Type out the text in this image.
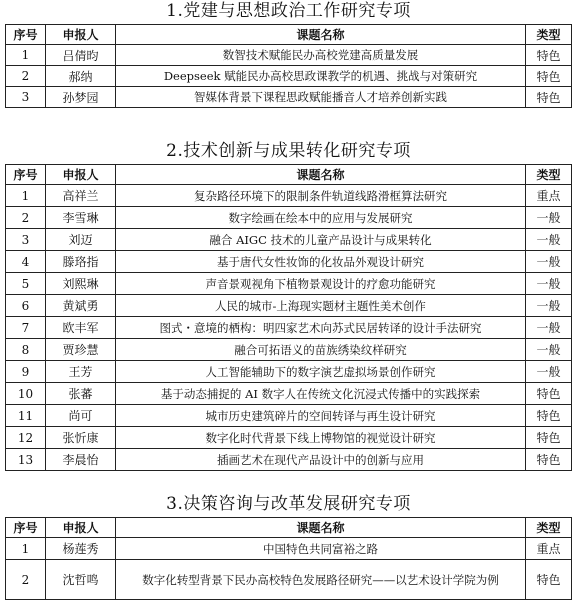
1.党建与思想政治工作研究专项
序号	申报人	课题名称	类型
1	吕倩昀	数智技术赋能民办高校党建高质量发展	特色
2	郝纳	Deepseek 赋能民办高校思政课教学的机遇、挑战与对策研究	特色
3	孙梦园	智媒体背景下课程思政赋能播音人才培养创新实践	特色
2.技术创新与成果转化研究专项
序号	申报人	课题名称	类型
1	高祥兰	复杂路径环境下的限制条件轨道线路滑框算法研究	重点
2	李雪琳	数字绘画在绘本中的应用与发展研究	一般
3	刘迈	融合 AIGC 技术的儿童产品设计与成果转化	一般
4	滕珞指	基于唐代女性妆饰的化妆品外观设计研究	一般
5	刘熙琳	声音景观视角下植物景观设计的疗愈功能研究	一般
6	黄斌勇	人民的城市-上海现实题材主题性美术创作	一般
7	欧丰军	图式・意境的栖构：明四家艺术向苏式民居转译的设计手法研究	一般
8	贾珍慧	融合可拓语义的苗族绣染纹样研究	一般
9	王芳	人工智能辅助下的数字演艺虚拟场景创作研究	一般
10	张蕃	基于动态捕捉的 AI 数字人在传统文化沉浸式传播中的实践探索	特色
11	尚可	城市历史建筑碎片的空间转译与再生设计研究	特色
12	张忻康	数字化时代背景下线上博物馆的视觉设计研究	特色
13	李晨怡	插画艺术在现代产品设计中的创新与应用	特色
3.决策咨询与改革发展研究专项
序号	申报人	课题名称	类型
1	杨莲秀	中国特色共同富裕之路	重点
2	沈哲鸣	数字化转型背景下民办高校特色发展路径研究——以艺术设计学院为例	特色
